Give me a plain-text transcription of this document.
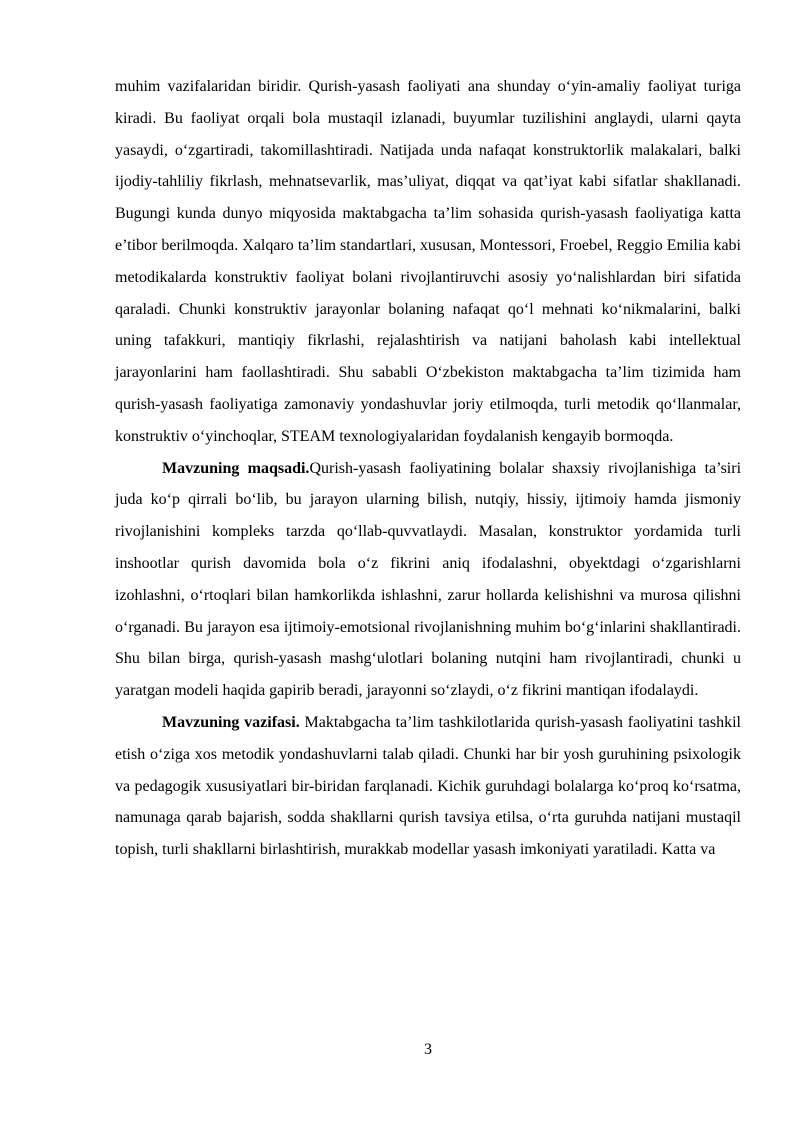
muhim vazifalaridan biridir. Qurish-yasash faoliyati ana shunday o‘yin-amaliy faoliyat turiga kiradi. Bu faoliyat orqali bola mustaqil izlanadi, buyumlar tuzilishini anglaydi, ularni qayta yasaydi, o‘zgartiradi, takomillashtiradi. Natijada unda nafaqat konstruktorlik malakalari, balki ijodiy-tahliliy fikrlash, mehnatsevarlik, mas’uliyat, diqqat va qat’iyat kabi sifatlar shakllanadi. Bugungi kunda dunyo miqyosida maktabgacha ta’lim sohasida qurish-yasash faoliyatiga katta e’tibor berilmoqda. Xalqaro ta’lim standartlari, xususan, Montessori, Froebel, Reggio Emilia kabi metodikalarda konstruktiv faoliyat bolani rivojlantiruvchi asosiy yo‘nalishlardan biri sifatida qaraladi. Chunki konstruktiv jarayonlar bolaning nafaqat qo‘l mehnati ko‘nikmalarini, balki uning tafakkuri, mantiqiy fikrlashi, rejalashtirish va natijani baholash kabi intellektual jarayonlarini ham faollashtiradi. Shu sababli O‘zbekiston maktabgacha ta’lim tizimida ham qurish-yasash faoliyatiga zamonaviy yondashuvlar joriy etilmoqda, turli metodik qo‘llanmalar, konstruktiv o‘yinchoqlar, STEAM texnologiyalaridan foydalanish kengayib bormoqda.

Mavzuning maqsadi.Qurish-yasash faoliyatining bolalar shaxsiy rivojlanishiga ta’siri juda ko‘p qirrali bo‘lib, bu jarayon ularning bilish, nutqiy, hissiy, ijtimoiy hamda jismoniy rivojlanishini kompleks tarzda qo‘llab-quvvatlaydi. Masalan, konstruktor yordamida turli inshootlar qurish davomida bola o‘z fikrini aniq ifodalashni, obyektdagi o‘zgarishlarni izohlashni, o‘rtoqlari bilan hamkorlikda ishlashni, zarur hollarda kelishishni va murosa qilishni o‘rganadi. Bu jarayon esa ijtimoiy-emotsional rivojlanishning muhim bo‘g‘inlarini shakllantiradi. Shu bilan birga, qurish-yasash mashg‘ulotlari bolaning nutqini ham rivojlantiradi, chunki u yaratgan modeli haqida gapirib beradi, jarayonni so‘zlaydi, o‘z fikrini mantiqan ifodalaydi.

Mavzuning vazifasi. Maktabgacha ta’lim tashkilotlarida qurish-yasash faoliyatini tashkil etish o‘ziga xos metodik yondashuvlarni talab qiladi. Chunki har bir yosh guruhining psixologik va pedagogik xususiyatlari bir-biridan farqlanadi. Kichik guruhdagi bolalarga ko‘proq ko‘rsatma, namunaga qarab bajarish, sodda shakllarni qurish tavsiya etilsa, o‘rta guruhda natijani mustaqil topish, turli shakllarni birlashtirish, murakkab modellar yasash imkoniyati yaratiladi. Katta va

3
